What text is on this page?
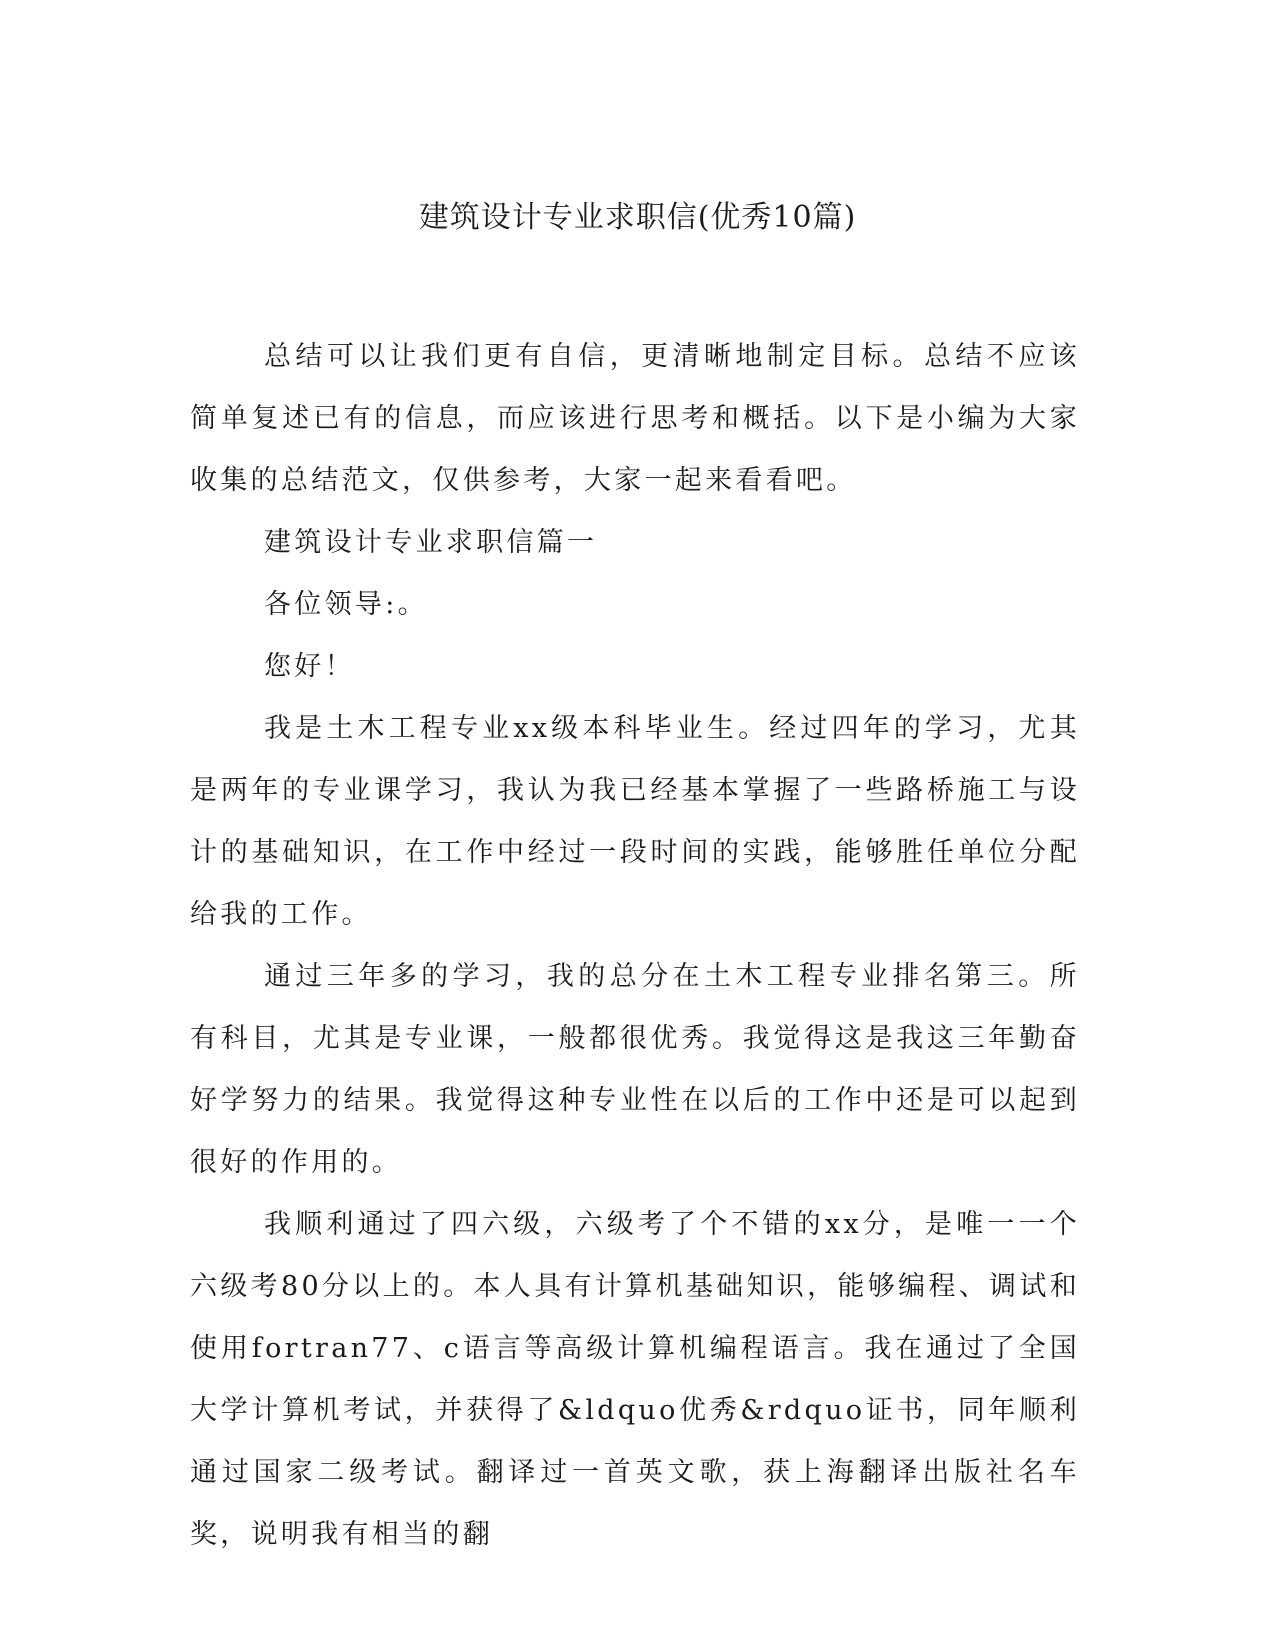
建筑设计专业求职信(优秀10篇)

总结可以让我们更有自信，更清晰地制定目标。总结不应该简单复述已有的信息，而应该进行思考和概括。以下是小编为大家收集的总结范文，仅供参考，大家一起来看看吧。

建筑设计专业求职信篇一

各位领导:。

您好！

我是土木工程专业xx级本科毕业生。经过四年的学习，尤其是两年的专业课学习，我认为我已经基本掌握了一些路桥施工与设计的基础知识，在工作中经过一段时间的实践，能够胜任单位分配给我的工作。

通过三年多的学习，我的总分在土木工程专业排名第三。所有科目，尤其是专业课，一般都很优秀。我觉得这是我这三年勤奋好学努力的结果。我觉得这种专业性在以后的工作中还是可以起到很好的作用的。

我顺利通过了四六级，六级考了个不错的xx分，是唯一一个六级考80分以上的。本人具有计算机基础知识，能够编程、调试和使用fortran77、c语言等高级计算机编程语言。我在通过了全国大学计算机考试，并获得了&ldquo优秀&rdquo证书，同年顺利通过国家二级考试。翻译过一首英文歌，获上海翻译出版社名车奖，说明我有相当的翻
